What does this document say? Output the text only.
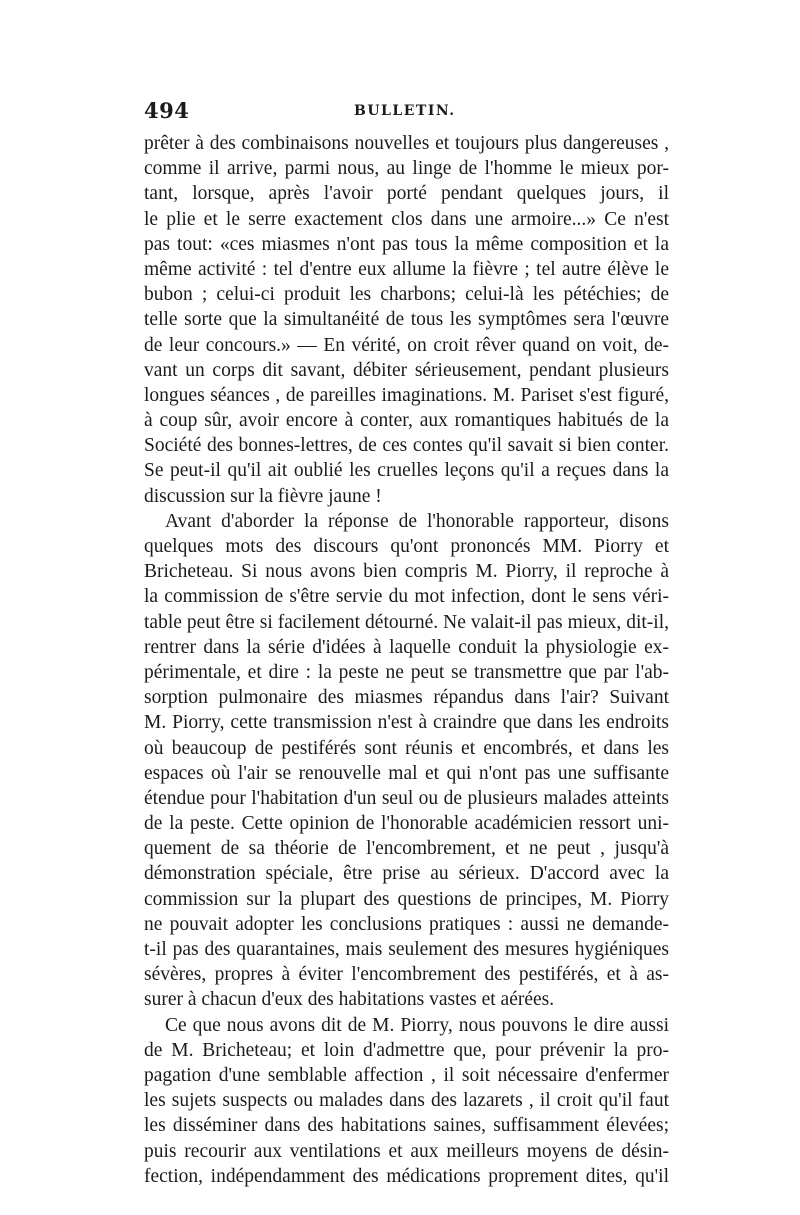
494	BULLETIN.
prêter à des combinaisons nouvelles et toujours plus dangereuses ,
comme il arrive, parmi nous, au linge de l'homme le mieux por-
tant, lorsque, après l'avoir porté pendant quelques jours, il
le plie et le serre exactement clos dans une armoire...» Ce n'est
pas tout: «ces miasmes n'ont pas tous la même composition et la
même activité : tel d'entre eux allume la fièvre ; tel autre élève le
bubon ; celui-ci produit les charbons; celui-là les pétéchies; de
telle sorte que la simultanéité de tous les symptômes sera l'œuvre
de leur concours.» — En vérité, on croit rêver quand on voit, de-
vant un corps dit savant, débiter sérieusement, pendant plusieurs
longues séances , de pareilles imaginations. M. Pariset s'est figuré,
à coup sûr, avoir encore à conter, aux romantiques habitués de la
Société des bonnes-lettres, de ces contes qu'il savait si bien conter.
Se peut-il qu'il ait oublié les cruelles leçons qu'il a reçues dans la
discussion sur la fièvre jaune !
Avant d'aborder la réponse de l'honorable rapporteur, disons
quelques mots des discours qu'ont prononcés MM. Piorry et
Bricheteau. Si nous avons bien compris M. Piorry, il reproche à
la commission de s'être servie du mot infection, dont le sens véri-
table peut être si facilement détourné. Ne valait-il pas mieux, dit-il,
rentrer dans la série d'idées à laquelle conduit la physiologie ex-
périmentale, et dire : la peste ne peut se transmettre que par l'ab-
sorption pulmonaire des miasmes répandus dans l'air? Suivant
M. Piorry, cette transmission n'est à craindre que dans les endroits
où beaucoup de pestiférés sont réunis et encombrés, et dans les
espaces où l'air se renouvelle mal et qui n'ont pas une suffisante
étendue pour l'habitation d'un seul ou de plusieurs malades atteints
de la peste. Cette opinion de l'honorable académicien ressort uni-
quement de sa théorie de l'encombrement, et ne peut , jusqu'à
démonstration spéciale, être prise au sérieux. D'accord avec la
commission sur la plupart des questions de principes, M. Piorry
ne pouvait adopter les conclusions pratiques : aussi ne demande-
t-il pas des quarantaines, mais seulement des mesures hygiéniques
sévères, propres à éviter l'encombrement des pestiférés, et à as-
surer à chacun d'eux des habitations vastes et aérées.
Ce que nous avons dit de M. Piorry, nous pouvons le dire aussi
de M. Bricheteau; et loin d'admettre que, pour prévenir la pro-
pagation d'une semblable affection , il soit nécessaire d'enfermer
les sujets suspects ou malades dans des lazarets , il croit qu'il faut
les disséminer dans des habitations saines, suffisamment élevées;
puis recourir aux ventilations et aux meilleurs moyens de désin-
fection, indépendamment des médications proprement dites, qu'il
